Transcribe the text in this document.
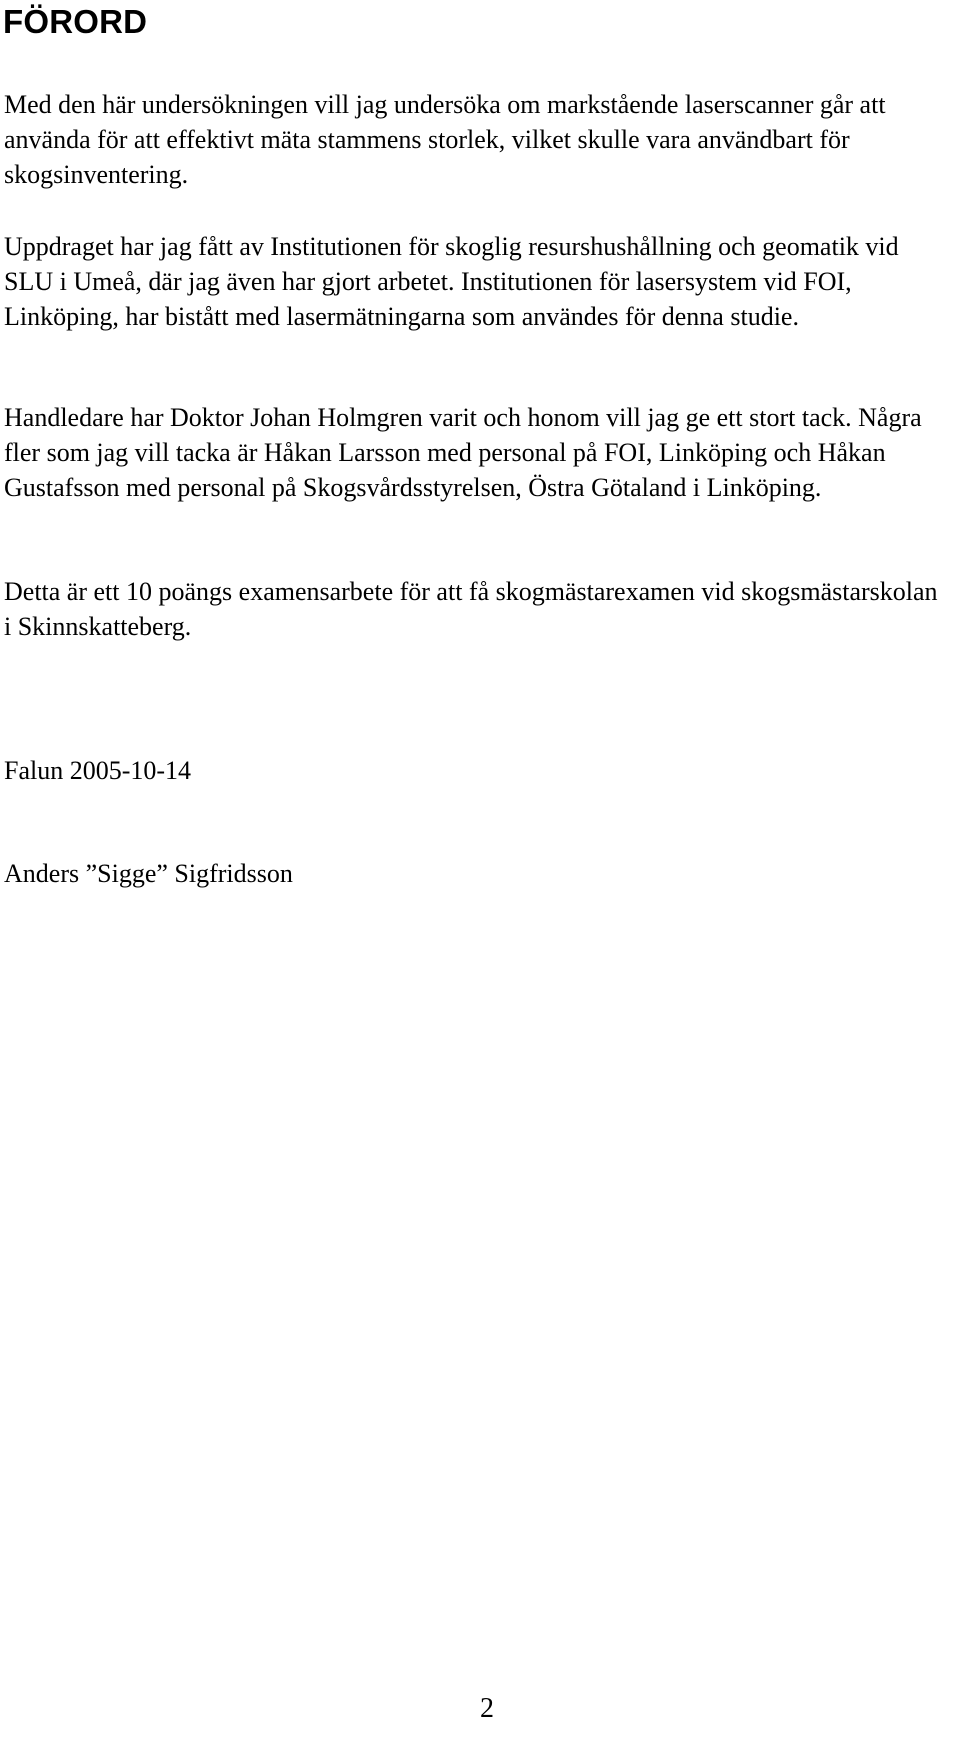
FÖRORD

Med den här undersökningen vill jag undersöka om markstående laserscanner går att använda för att effektivt mäta stammens storlek, vilket skulle vara användbart för skogsinventering.

Uppdraget har jag fått av Institutionen för skoglig resurshushållning och geomatik vid SLU i Umeå, där jag även har gjort arbetet. Institutionen för lasersystem vid FOI, Linköping, har bistått med lasermätningarna som användes för denna studie.

Handledare har Doktor Johan Holmgren varit och honom vill jag ge ett stort tack. Några fler som jag vill tacka är Håkan Larsson med personal på FOI, Linköping och Håkan Gustafsson med personal på Skogsvårdsstyrelsen, Östra Götaland i Linköping.

Detta är ett 10 poängs examensarbete för att få skogmästarexamen vid skogsmästarskolan i Skinnskatteberg.

Falun 2005-10-14

Anders ”Sigge” Sigfridsson

2
